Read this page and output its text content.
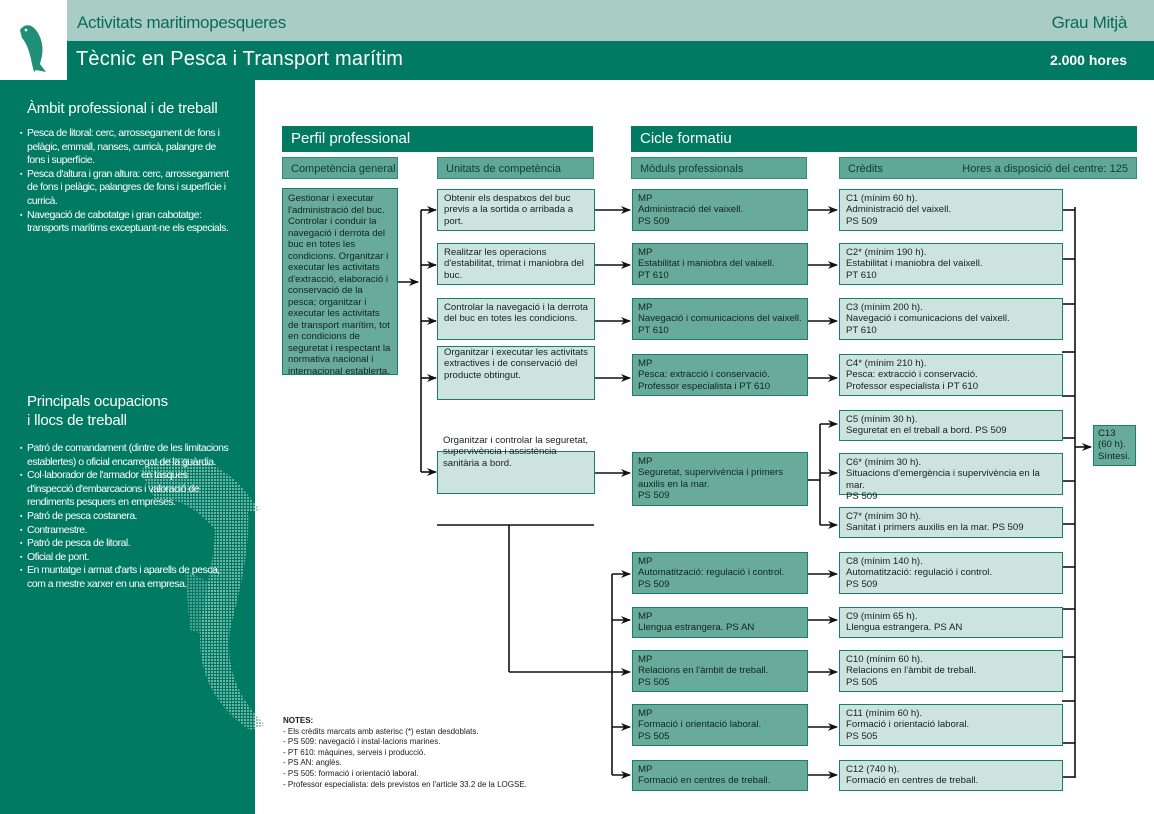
Activitats maritimopesqueres	Grau Mitjà
Tècnic en Pesca i Transport marítim	2.000 hores
Àmbit professional i de treball
▪ Pesca de litoral: cerc, arrossegament de fons i pelàgic, emmall, nanses, curricà, palangre de fons i superfície.
▪ Pesca d'altura i gran altura: cerc, arrossegament de fons i pelàgic, palangres de fons i superfície i curricà.
▪ Navegació de cabotatge i gran cabotatge: transports marítims exceptuant-ne els especials.
Principals ocupacions
i llocs de treball
▪ Patró de comandament (dintre de les limitacions establertes) o oficial encarregat de la guàrdia.
▪ Col·laborador de l'armador en tasques d'inspecció d'embarcacions i valoració de rendiments pesquers en empreses.
▪ Patró de pesca costanera.
▪ Contramestre.
▪ Patró de pesca de litoral.
▪ Oficial de pont.
▪ En muntatge i armat d'arts i aparells de pesca, com a mestre xarxer en una empresa.
Perfil professional
Competència general	Unitats de competència
Gestionar i executar l'administració del buc. Controlar i conduir la navegació i derrota del buc en totes les condicions. Organitzar i executar les activitats d'extracció, elaboració i conservació de la pesca; organitzar i executar les activitats de transport marítim, tot en condicions de seguretat i respectant la normativa nacional i internacional establerta.
Obtenir els despatxos del buc previs a la sortida o arribada a port.
Realitzar les operacions d'estabilitat, trimat i maniobra del buc.
Controlar la navegació i la derrota del buc en totes les condicions.
Organitzar i executar les activitats extractives i de conservació del producte obtingut.
Organitzar i controlar la seguretat, supervivència i assistència sanitària a bord.
Cicle formatiu
Mòduls professionals	Crèdits	Hores a disposició del centre: 125
MP
Administració del vaixell.
PS 509
MP
Estabilitat i maniobra del vaixell.
PT 610
MP
Navegació i comunicacions del vaixell.
PT 610
MP
Pesca: extracció i conservació.
Professor especialista i PT 610
MP
Seguretat, supervivència i primers auxilis en la mar.
PS 509
MP
Automatització: regulació i control.
PS 509
MP
Llengua estrangera. PS AN
MP
Relacions en l'àmbit de treball.
PS 505
MP
Formació i orientació laboral.
PS 505
MP
Formació en centres de treball.
C1 (mínim 60 h).
Administració del vaixell.
PS 509
C2* (mínim 190 h).
Estabilitat i maniobra del vaixell.
PT 610
C3 (mínim 200 h).
Navegació i comunicacions del vaixell.
PT 610
C4* (mínim 210 h).
Pesca: extracció i conservació.
Professor especialista i PT 610
C5 (mínim 30 h).
Seguretat en el treball a bord. PS 509
C6* (mínim 30 h).
Situacions d'emergència i supervivència en la mar.
PS 509
C7* (mínim 30 h).
Sanitat i primers auxilis en la mar. PS 509
C8 (mínim 140 h).
Automatització: regulació i control.
PS 509
C9 (mínim 65 h).
Llengua estrangera. PS AN
C10 (mínim 60 h).
Relacions en l'àmbit de treball.
PS 505
C11 (mínim 60 h).
Formació i orientació laboral.
PS 505
C12 (740 h).
Formació en centres de treball.
C13
(60 h).
Síntesi.
NOTES:
- Els crèdits marcats amb asterisc (*) estan desdoblats.
- PS 509: navegació i instal·lacions marines.
- PT 610: màquines, serveis i producció.
- PS AN: anglès.
- PS 505: formació i orientació laboral.
- Professor especialista: dels previstos en l'article 33.2 de la LOGSE.
